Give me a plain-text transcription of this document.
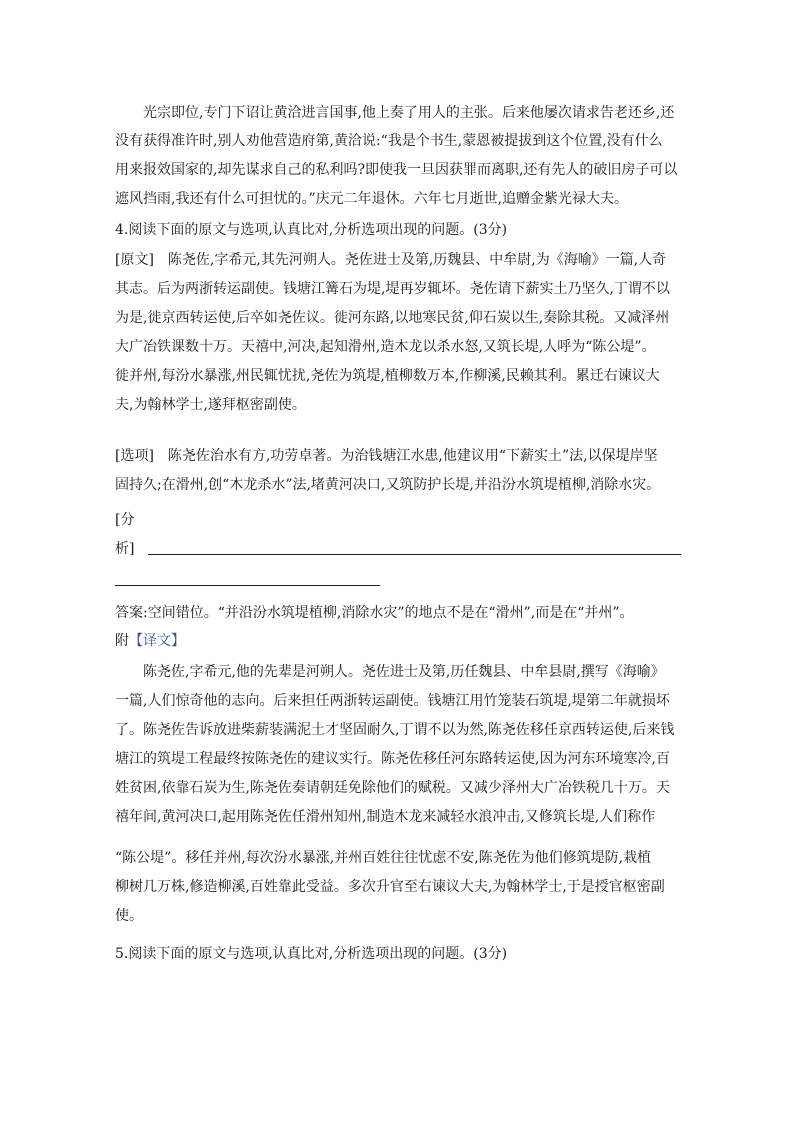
光宗即位,专门下诏让黄洽进言国事,他上奏了用人的主张。后来他屡次请求告老还乡,还
没有获得准许时,别人劝他营造府第,黄洽说:“我是个书生,蒙恩被提拔到这个位置,没有什么
用来报效国家的,却先谋求自己的私利吗?即使我一旦因获罪而离职,还有先人的破旧房子可以
遮风挡雨,我还有什么可担忧的。”庆元二年退休。六年七月逝世,追赠金紫光禄大夫。
4.阅读下面的原文与选项,认真比对,分析选项出现的问题。(3分)
[原文]　陈尧佐,字希元,其先河朔人。尧佐进士及第,历魏县、中牟尉,为《海喻》一篇,人奇
其志。后为两浙转运副使。钱塘江篝石为堤,堤再岁辄坏。尧佐请下薪实土乃坚久,丁谓不以
为是,徙京西转运使,后卒如尧佐议。徙河东路,以地寒民贫,仰石炭以生,奏除其税。又减泽州
大广冶铁课数十万。天禧中,河决,起知滑州,造木龙以杀水怒,又筑长堤,人呼为“陈公堤”。
徙并州,每汾水暴涨,州民辄忧扰,尧佐为筑堤,植柳数万本,作柳溪,民赖其利。累迁右谏议大
夫,为翰林学士,遂拜枢密副使。
[选项]　陈尧佐治水有方,功劳卓著。为治钱塘江水患,他建议用“下薪实土”法,以保堤岸坚
固持久;在滑州,创“木龙杀水”法,堵黄河决口,又筑防护长堤,并沿汾水筑堤植柳,消除水灾。
[分
析]
答案:空间错位。“并沿汾水筑堤植柳,消除水灾”的地点不是在“滑州”,而是在“并州”。
附【译文】
陈尧佐,字希元,他的先辈是河朔人。尧佐进士及第,历任魏县、中牟县尉,撰写《海喻》
一篇,人们惊奇他的志向。后来担任两浙转运副使。钱塘江用竹笼装石筑堤,堤第二年就损坏
了。陈尧佐告诉放进柴薪装满泥土才坚固耐久,丁谓不以为然,陈尧佐移任京西转运使,后来钱
塘江的筑堤工程最终按陈尧佐的建议实行。陈尧佐移任河东路转运使,因为河东环境寒冷,百
姓贫困,依靠石炭为生,陈尧佐奏请朝廷免除他们的赋税。又减少泽州大广冶铁税几十万。天
禧年间,黄河决口,起用陈尧佐任滑州知州,制造木龙来减轻水浪冲击,又修筑长堤,人们称作
“陈公堤”。移任并州,每次汾水暴涨,并州百姓往往忧虑不安,陈尧佐为他们修筑堤防,栽植
柳树几万株,修造柳溪,百姓靠此受益。多次升官至右谏议大夫,为翰林学士,于是授官枢密副
使。
5.阅读下面的原文与选项,认真比对,分析选项出现的问题。(3分)
